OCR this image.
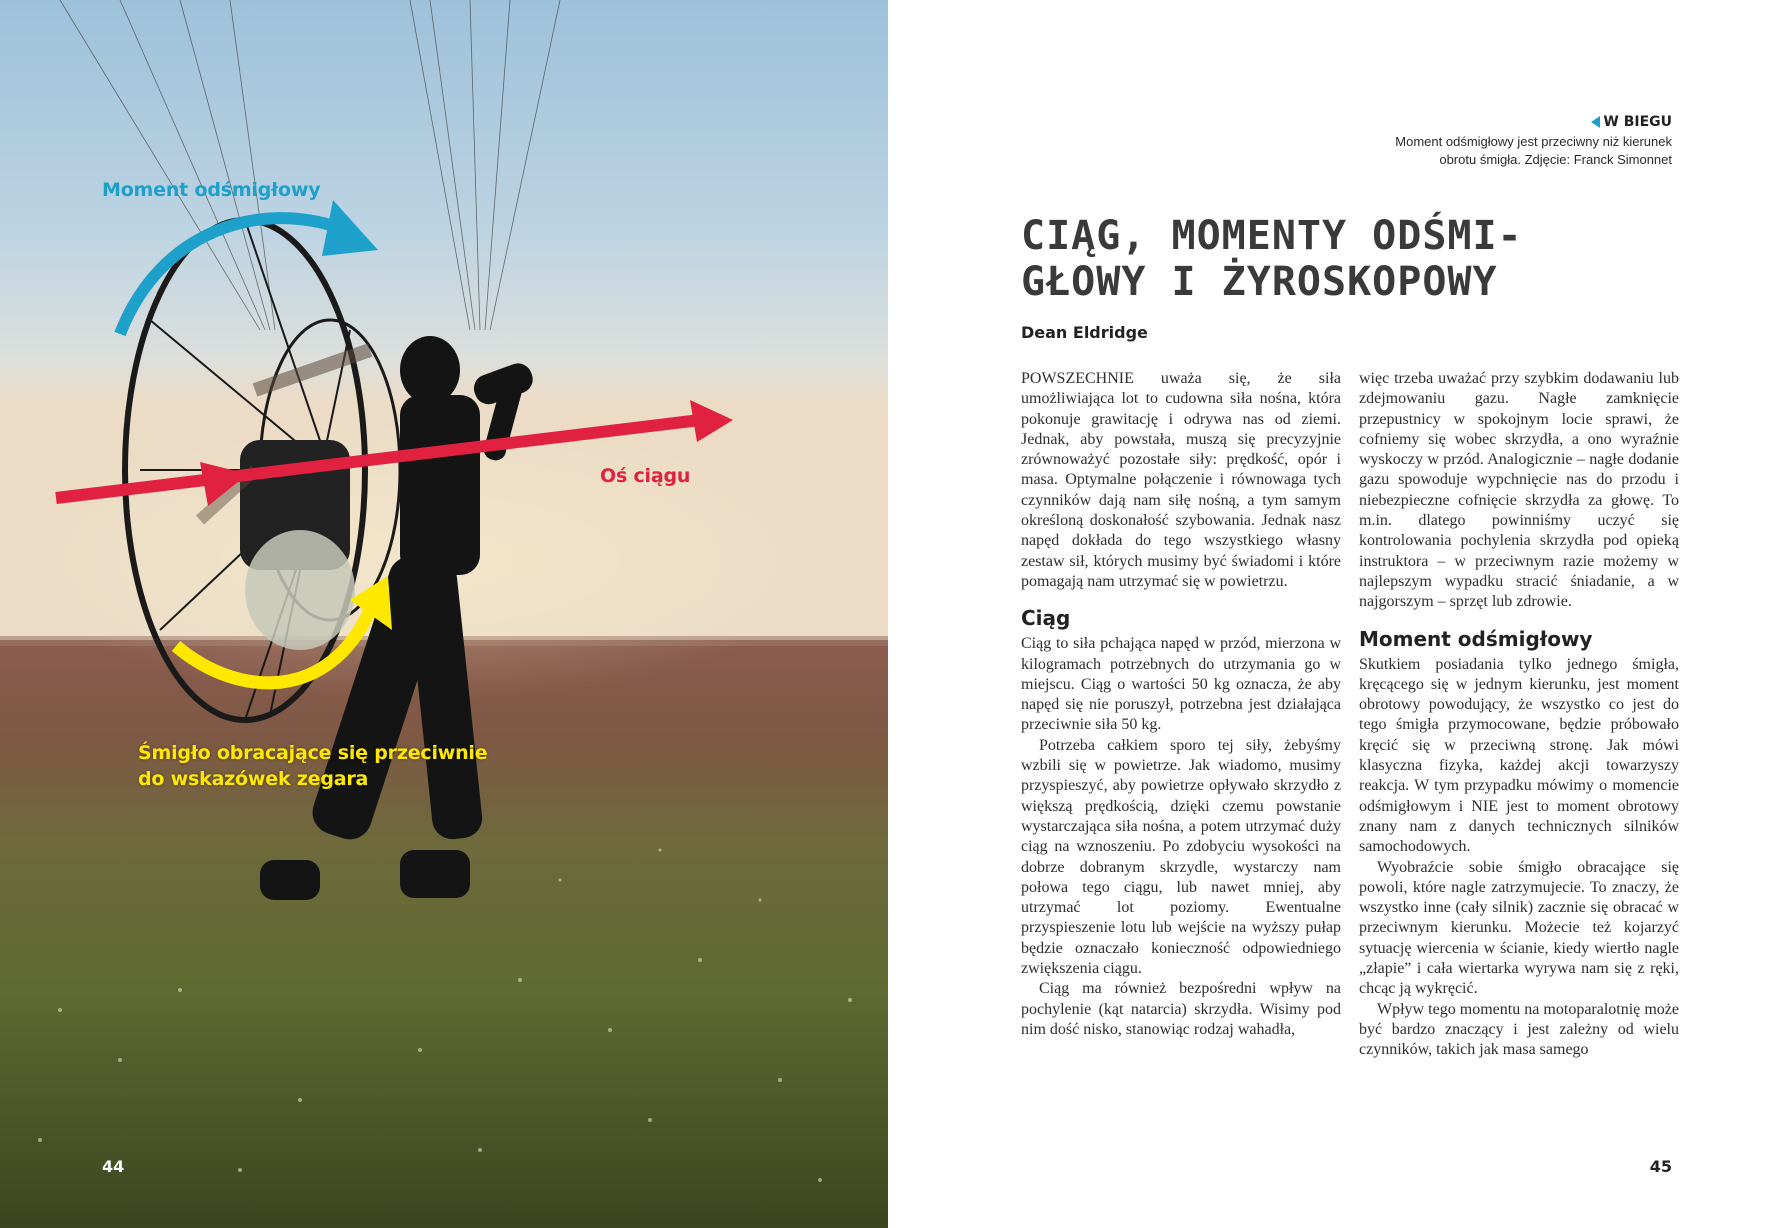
Moment odśmigłowy
Oś ciągu
Śmigło obracające się przeciwnie
do wskazówek zegara
44
W BIEGU
Moment odśmigłowy jest przeciwny niż kierunek
obrotu śmigła. Zdjęcie: Franck Simonnet
CIĄG, MOMENTY ODŚMI-GŁOWY I ŻYROSKOPOWY
Dean Eldridge

POWSZECHNIE uważa się, że siła umożliwiająca lot to cudowna siła nośna, która pokonuje grawitację i odrywa nas od ziemi. Jednak, aby powstała, muszą się precyzyjnie zrównoważyć pozostałe siły: prędkość, opór i masa. Optymalne połączenie i równowaga tych czynników dają nam siłę nośną, a tym samym określoną doskonałość szybowania. Jednak nasz napęd dokłada do tego wszystkiego własny zestaw sił, których musimy być świadomi i które pomagają nam utrzymać się w powietrzu.

Ciąg

Ciąg to siła pchająca napęd w przód, mierzona w kilogramach potrzebnych do utrzymania go w miejscu. Ciąg o wartości 50 kg oznacza, że aby napęd się nie poruszył, potrzebna jest działająca przeciwnie siła 50 kg.

Potrzeba całkiem sporo tej siły, żebyśmy wzbili się w powietrze. Jak wiadomo, musimy przyspieszyć, aby powietrze opływało skrzydło z większą prędkością, dzięki czemu powstanie wystarczająca siła nośna, a potem utrzymać duży ciąg na wznoszeniu. Po zdobyciu wysokości na dobrze dobranym skrzydle, wystarczy nam połowa tego ciągu, lub nawet mniej, aby utrzymać lot poziomy. Ewentualne przyspieszenie lotu lub wejście na wyższy pułap będzie oznaczało konieczność odpowiedniego zwiększenia ciągu.

Ciąg ma również bezpośredni wpływ na pochylenie (kąt natarcia) skrzydła. Wisimy pod nim dość nisko, stanowiąc rodzaj wahadła,

więc trzeba uważać przy szybkim dodawaniu lub zdejmowaniu gazu. Nagłe zamknięcie przepustnicy w spokojnym locie sprawi, że cofniemy się wobec skrzydła, a ono wyraźnie wyskoczy w przód. Analogicznie – nagłe dodanie gazu spowoduje wypchnięcie nas do przodu i niebezpieczne cofnięcie skrzydła za głowę. To m.in. dlatego powinniśmy uczyć się kontrolowania pochylenia skrzydła pod opieką instruktora – w przeciwnym razie możemy w najlepszym wypadku stracić śniadanie, a w najgorszym – sprzęt lub zdrowie.

Moment odśmigłowy

Skutkiem posiadania tylko jednego śmigła, kręcącego się w jednym kierunku, jest moment obrotowy powodujący, że wszystko co jest do tego śmigła przymocowane, będzie próbowało kręcić się w przeciwną stronę. Jak mówi klasyczna fizyka, każdej akcji towarzyszy reakcja. W tym przypadku mówimy o momencie odśmigłowym i NIE jest to moment obrotowy znany nam z danych technicznych silników samochodowych.

Wyobraźcie sobie śmigło obracające się powoli, które nagle zatrzymujecie. To znaczy, że wszystko inne (cały silnik) zacznie się obracać w przeciwnym kierunku. Możecie też kojarzyć sytuację wiercenia w ścianie, kiedy wiertło nagle „złapie” i cała wiertarka wyrywa nam się z ręki, chcąc ją wykręcić.

Wpływ tego momentu na motoparalotnię może być bardzo znaczący i jest zależny od wielu czynników, takich jak masa samego

45
